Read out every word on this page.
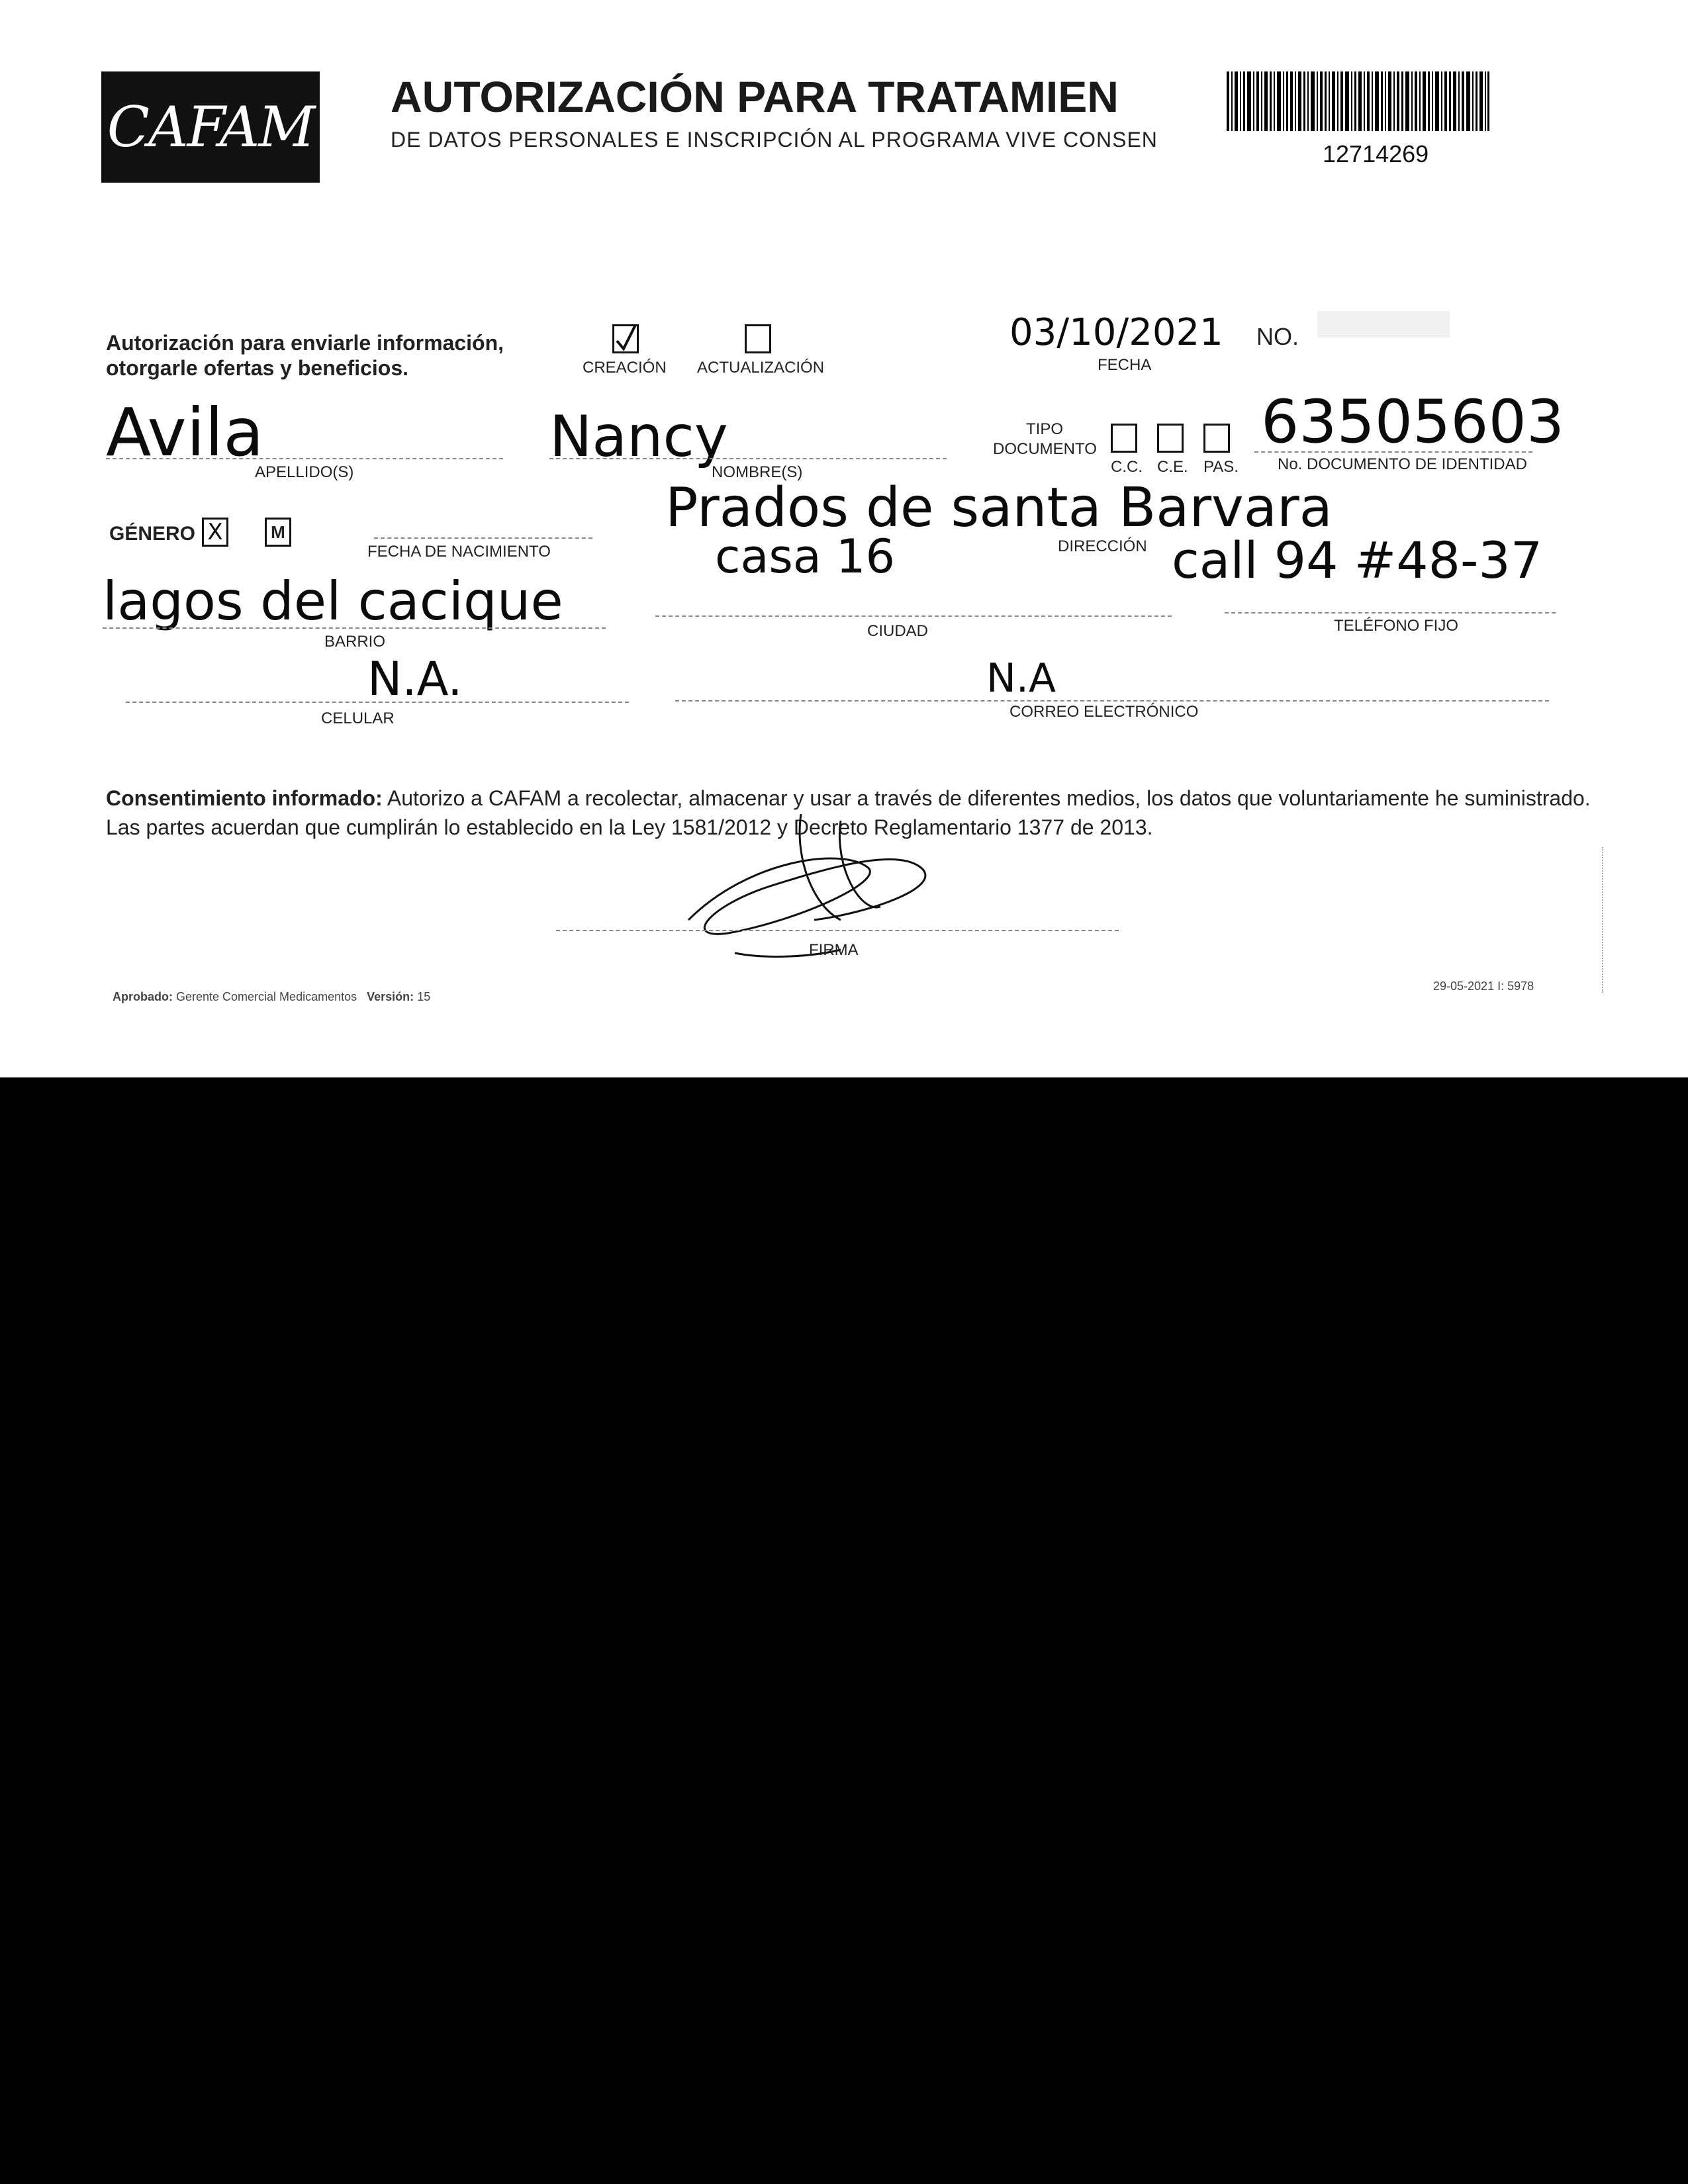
CAFAM AUTORIZACIÓN PARA TRATAMIEN
DE DATOS PERSONALES E INSCRIPCIÓN AL PROGRAMA VIVE CONSEN
12714269
Autorización para enviarle información,
otorgarle ofertas y beneficios.	CREACIÓN ACTUALIZACIÓN
03/10/2021
FECHA
NO.
Avila
APELLIDO(S)
Nancy
NOMBRE(S)
TIPO
DOCUMENTO
C.C. C.E. PAS.
63505603
No. DOCUMENTO DE IDENTIDAD
GÉNERO X	M
FECHA DE NACIMIENTO
Prados de santa Barvara
casa 16	DIRECCIÓN call 94 #48-37
lagos del cacique
BARRIO
CIUDAD	TELÉFONO FIJO
N.A.
CELULAR
N.A
CORREO ELECTRÓNICO
Consentimiento informado: Autorizo a CAFAM a recolectar, almacenar y usar a través de diferentes medios, los datos que voluntariamente he suministrado.
Las partes acuerdan que cumplirán lo establecido en la Ley 1581/2012 y Decreto Reglamentario 1377 de 2013.
FIRMA
Aprobado: Gerente Comercial Medicamentos Versión: 15
29-05-2021 I: 5978
